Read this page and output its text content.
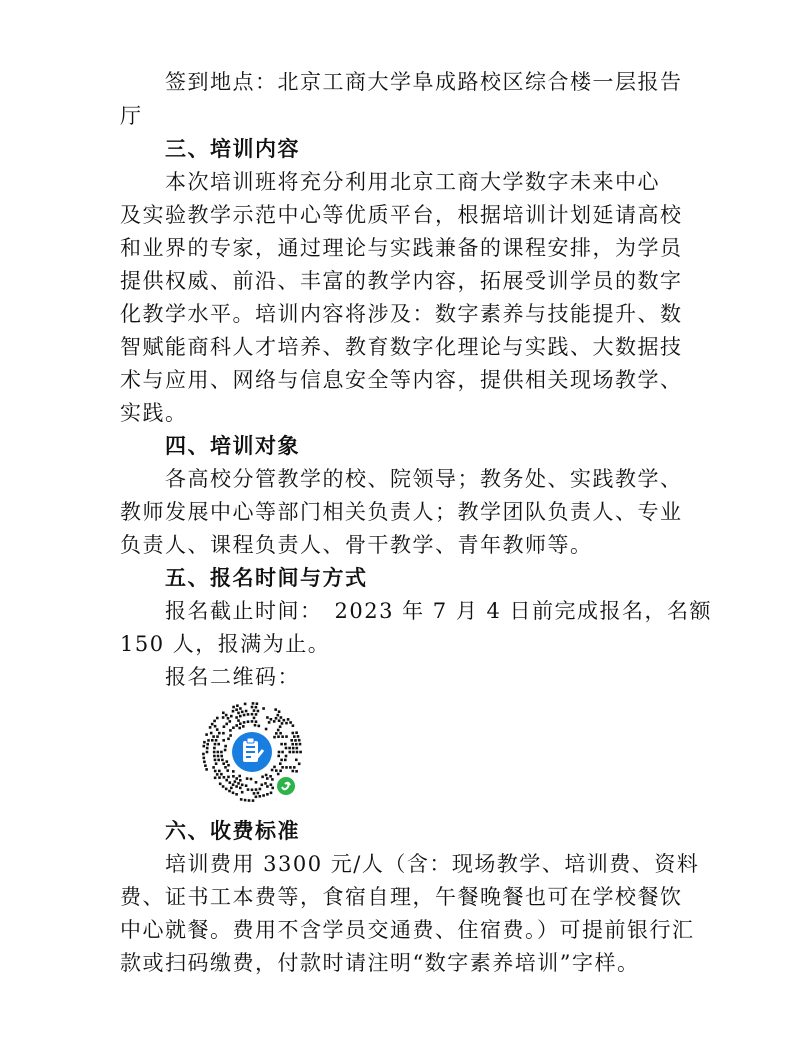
　　签到地点：北京工商大学阜成路校区综合楼一层报告

厅

三、培训内容

　　本次培训班将充分利用北京工商大学数字未来中心

及实验教学示范中心等优质平台，根据培训计划延请高校

和业界的专家，通过理论与实践兼备的课程安排，为学员

提供权威、前沿、丰富的教学内容，拓展受训学员的数字

化教学水平。培训内容将涉及：数字素养与技能提升、数

智赋能商科人才培养、教育数字化理论与实践、大数据技

术与应用、网络与信息安全等内容，提供相关现场教学、

实践。

四、培训对象

　　各高校分管教学的校、院领导；教务处、实践教学、

教师发展中心等部门相关负责人；教学团队负责人、专业

负责人、课程负责人、骨干教学、青年教师等。

五、报名时间与方式

　　报名截止时间：　2023 年 7 月 4 日前完成报名，名额

150 人，报满为止。

　　报名二维码：

六、收费标准

　　培训费用 3300 元/人（含：现场教学、培训费、资料

费、证书工本费等，食宿自理，午餐晚餐也可在学校餐饮

中心就餐。费用不含学员交通费、住宿费。）可提前银行汇

款或扫码缴费，付款时请注明“数字素养培训”字样。
